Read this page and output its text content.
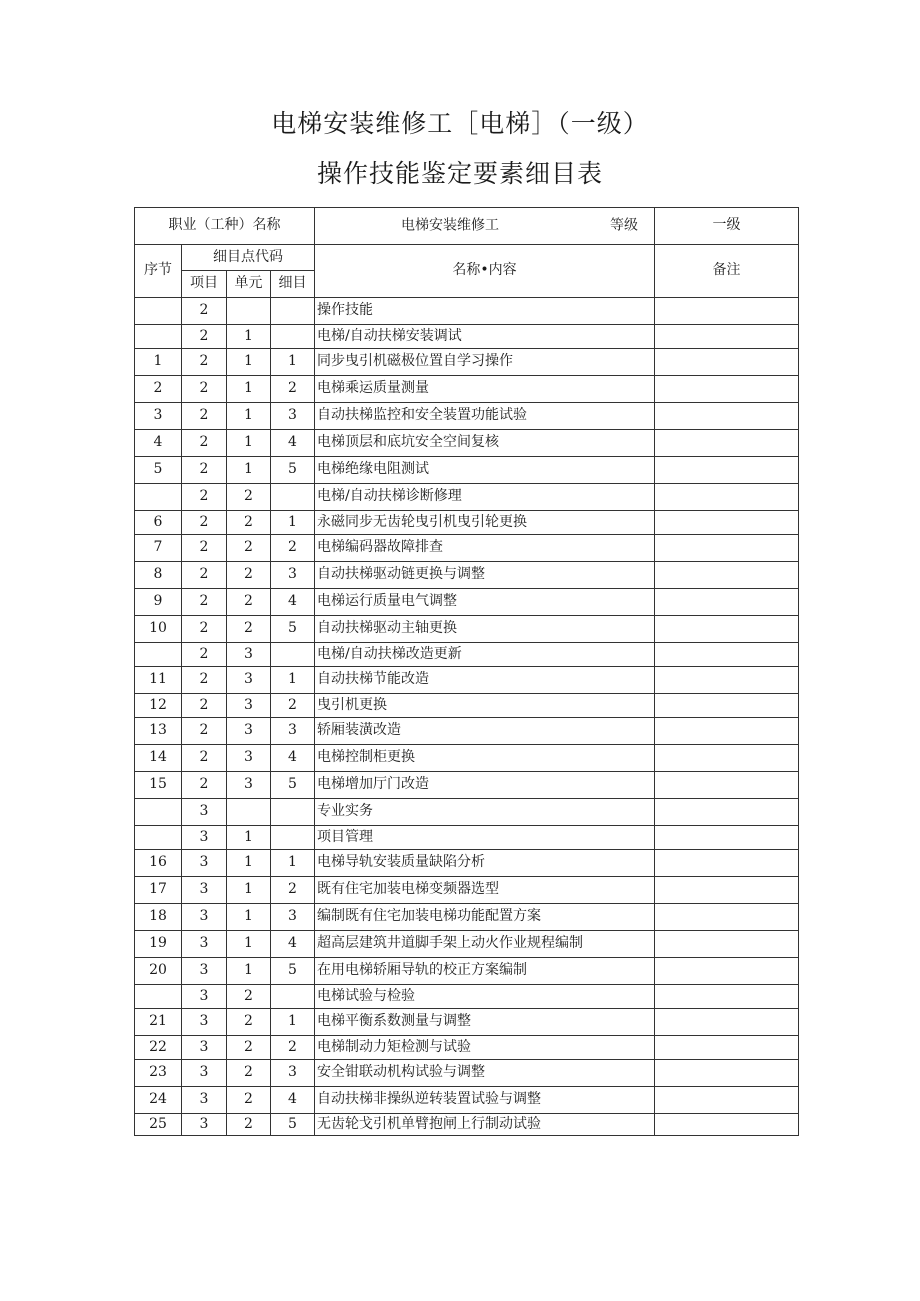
电梯安装维修工［电梯］（一级）
操作技能鉴定要素细目表
职业（工种）名称				电梯安装维修工 等级	一级
序节	细目点代码			名称•内容	备注
	项目	单元	细目		
	2			操作技能	
	2	1		电梯/自动扶梯安装调试	
1	2	1	1	同步曳引机磁极位置自学习操作	
2	2	1	2	电梯乘运质量测量	
3	2	1	3	自动扶梯监控和安全装置功能试验	
4	2	1	4	电梯顶层和底坑安全空间复核	
5	2	1	5	电梯绝缘电阻测试	
	2	2		电梯/自动扶梯诊断修理	
6	2	2	1	永磁同步无齿轮曳引机曳引轮更换	
7	2	2	2	电梯编码器故障排查	
8	2	2	3	自动扶梯驱动链更换与调整	
9	2	2	4	电梯运行质量电气调整	
10	2	2	5	自动扶梯驱动主轴更换	
	2	3		电梯/自动扶梯改造更新	
11	2	3	1	自动扶梯节能改造	
12	2	3	2	曳引机更换	
13	2	3	3	轿厢装潢改造	
14	2	3	4	电梯控制柜更换	
15	2	3	5	电梯增加厅门改造	
	3			专业实务	
	3	1		项目管理	
16	3	1	1	电梯导轨安装质量缺陷分析	
17	3	1	2	既有住宅加装电梯变频器选型	
18	3	1	3	编制既有住宅加装电梯功能配置方案	
19	3	1	4	超高层建筑井道脚手架上动火作业规程编制	
20	3	1	5	在用电梯轿厢导轨的校正方案编制	
	3	2		电梯试验与检验	
21	3	2	1	电梯平衡系数测量与调整	
22	3	2	2	电梯制动力矩检测与试验	
23	3	2	3	安全钳联动机构试验与调整	
24	3	2	4	自动扶梯非操纵逆转装置试验与调整	
25	3	2	5	无齿轮戈引机单臂抱闸上行制动试验	
